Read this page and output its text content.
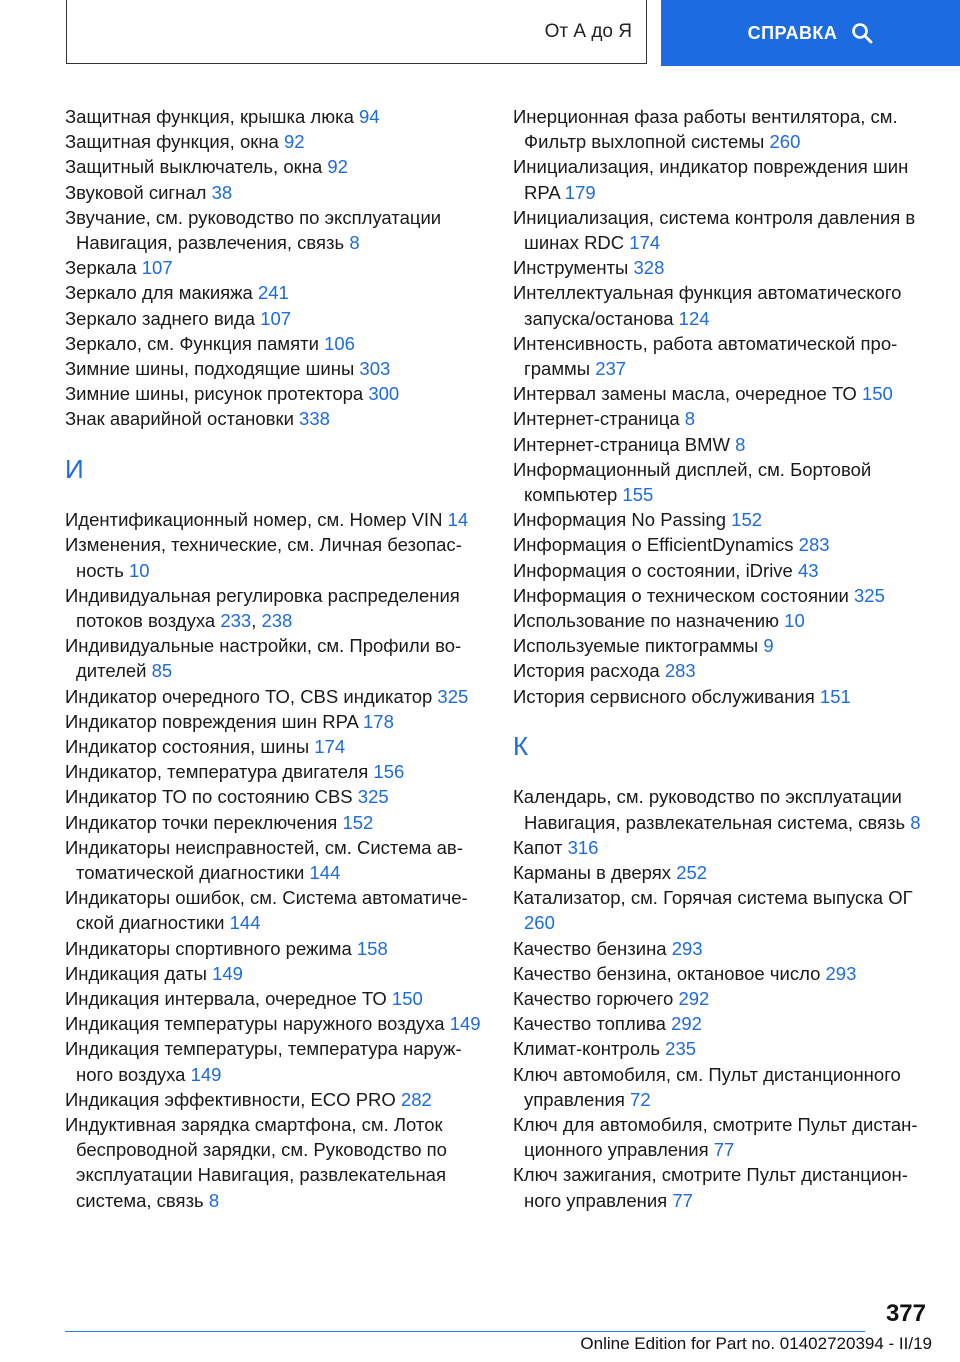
От А до Я	СПРАВКА
Защитная функция, крышка люка 94
Защитная функция, окна 92
Защитный выключатель, окна 92
Звуковой сигнал 38
Звучание, см. руководство по эксплуатации Навигация, развлечения, связь 8
Зеркала 107
Зеркало для макияжа 241
Зеркало заднего вида 107
Зеркало, см. Функция памяти 106
Зимние шины, подходящие шины 303
Зимние шины, рисунок протектора 300
Знак аварийной остановки 338
И
Идентификационный номер, см. Номер VIN 14
Изменения, технические, см. Личная безопасность 10
Индивидуальная регулировка распределения потоков воздуха 233, 238
Индивидуальные настройки, см. Профили водителей 85
Индикатор очередного ТО, CBS индикатор 325
Индикатор повреждения шин RPA 178
Индикатор состояния, шины 174
Индикатор, температура двигателя 156
Индикатор ТО по состоянию CBS 325
Индикатор точки переключения 152
Индикаторы неисправностей, см. Система автоматической диагностики 144
Индикаторы ошибок, см. Система автоматической диагностики 144
Индикаторы спортивного режима 158
Индикация даты 149
Индикация интервала, очередное ТО 150
Индикация температуры наружного воздуха 149
Индикация температуры, температура наружного воздуха 149
Индикация эффективности, ECO PRO 282
Индуктивная зарядка смартфона, см. Лоток беспроводной зарядки, см. Руководство по эксплуатации Навигация, развлекательная система, связь 8
Инерционная фаза работы вентилятора, см. Фильтр выхлопной системы 260
Инициализация, индикатор повреждения шин RPA 179
Инициализация, система контроля давления в шинах RDC 174
Инструменты 328
Интеллектуальная функция автоматического запуска/останова 124
Интенсивность, работа автоматической программы 237
Интервал замены масла, очередное ТО 150
Интернет-страница 8
Интернет-страница BMW 8
Информационный дисплей, см. Бортовой компьютер 155
Информация No Passing 152
Информация о EfficientDynamics 283
Информация о состоянии, iDrive 43
Информация о техническом состоянии 325
Использование по назначению 10
Используемые пиктограммы 9
История расхода 283
История сервисного обслуживания 151
К
Календарь, см. руководство по эксплуатации Навигация, развлекательная система, связь 8
Капот 316
Карманы в дверях 252
Катализатор, см. Горячая система выпуска ОГ 260
Качество бензина 293
Качество бензина, октановое число 293
Качество горючего 292
Качество топлива 292
Климат-контроль 235
Ключ автомобиля, см. Пульт дистанционного управления 72
Ключ для автомобиля, смотрите Пульт дистанционного управления 77
Ключ зажигания, смотрите Пульт дистанционного управления 77
377
Online Edition for Part no. 01402720394 - II/19
